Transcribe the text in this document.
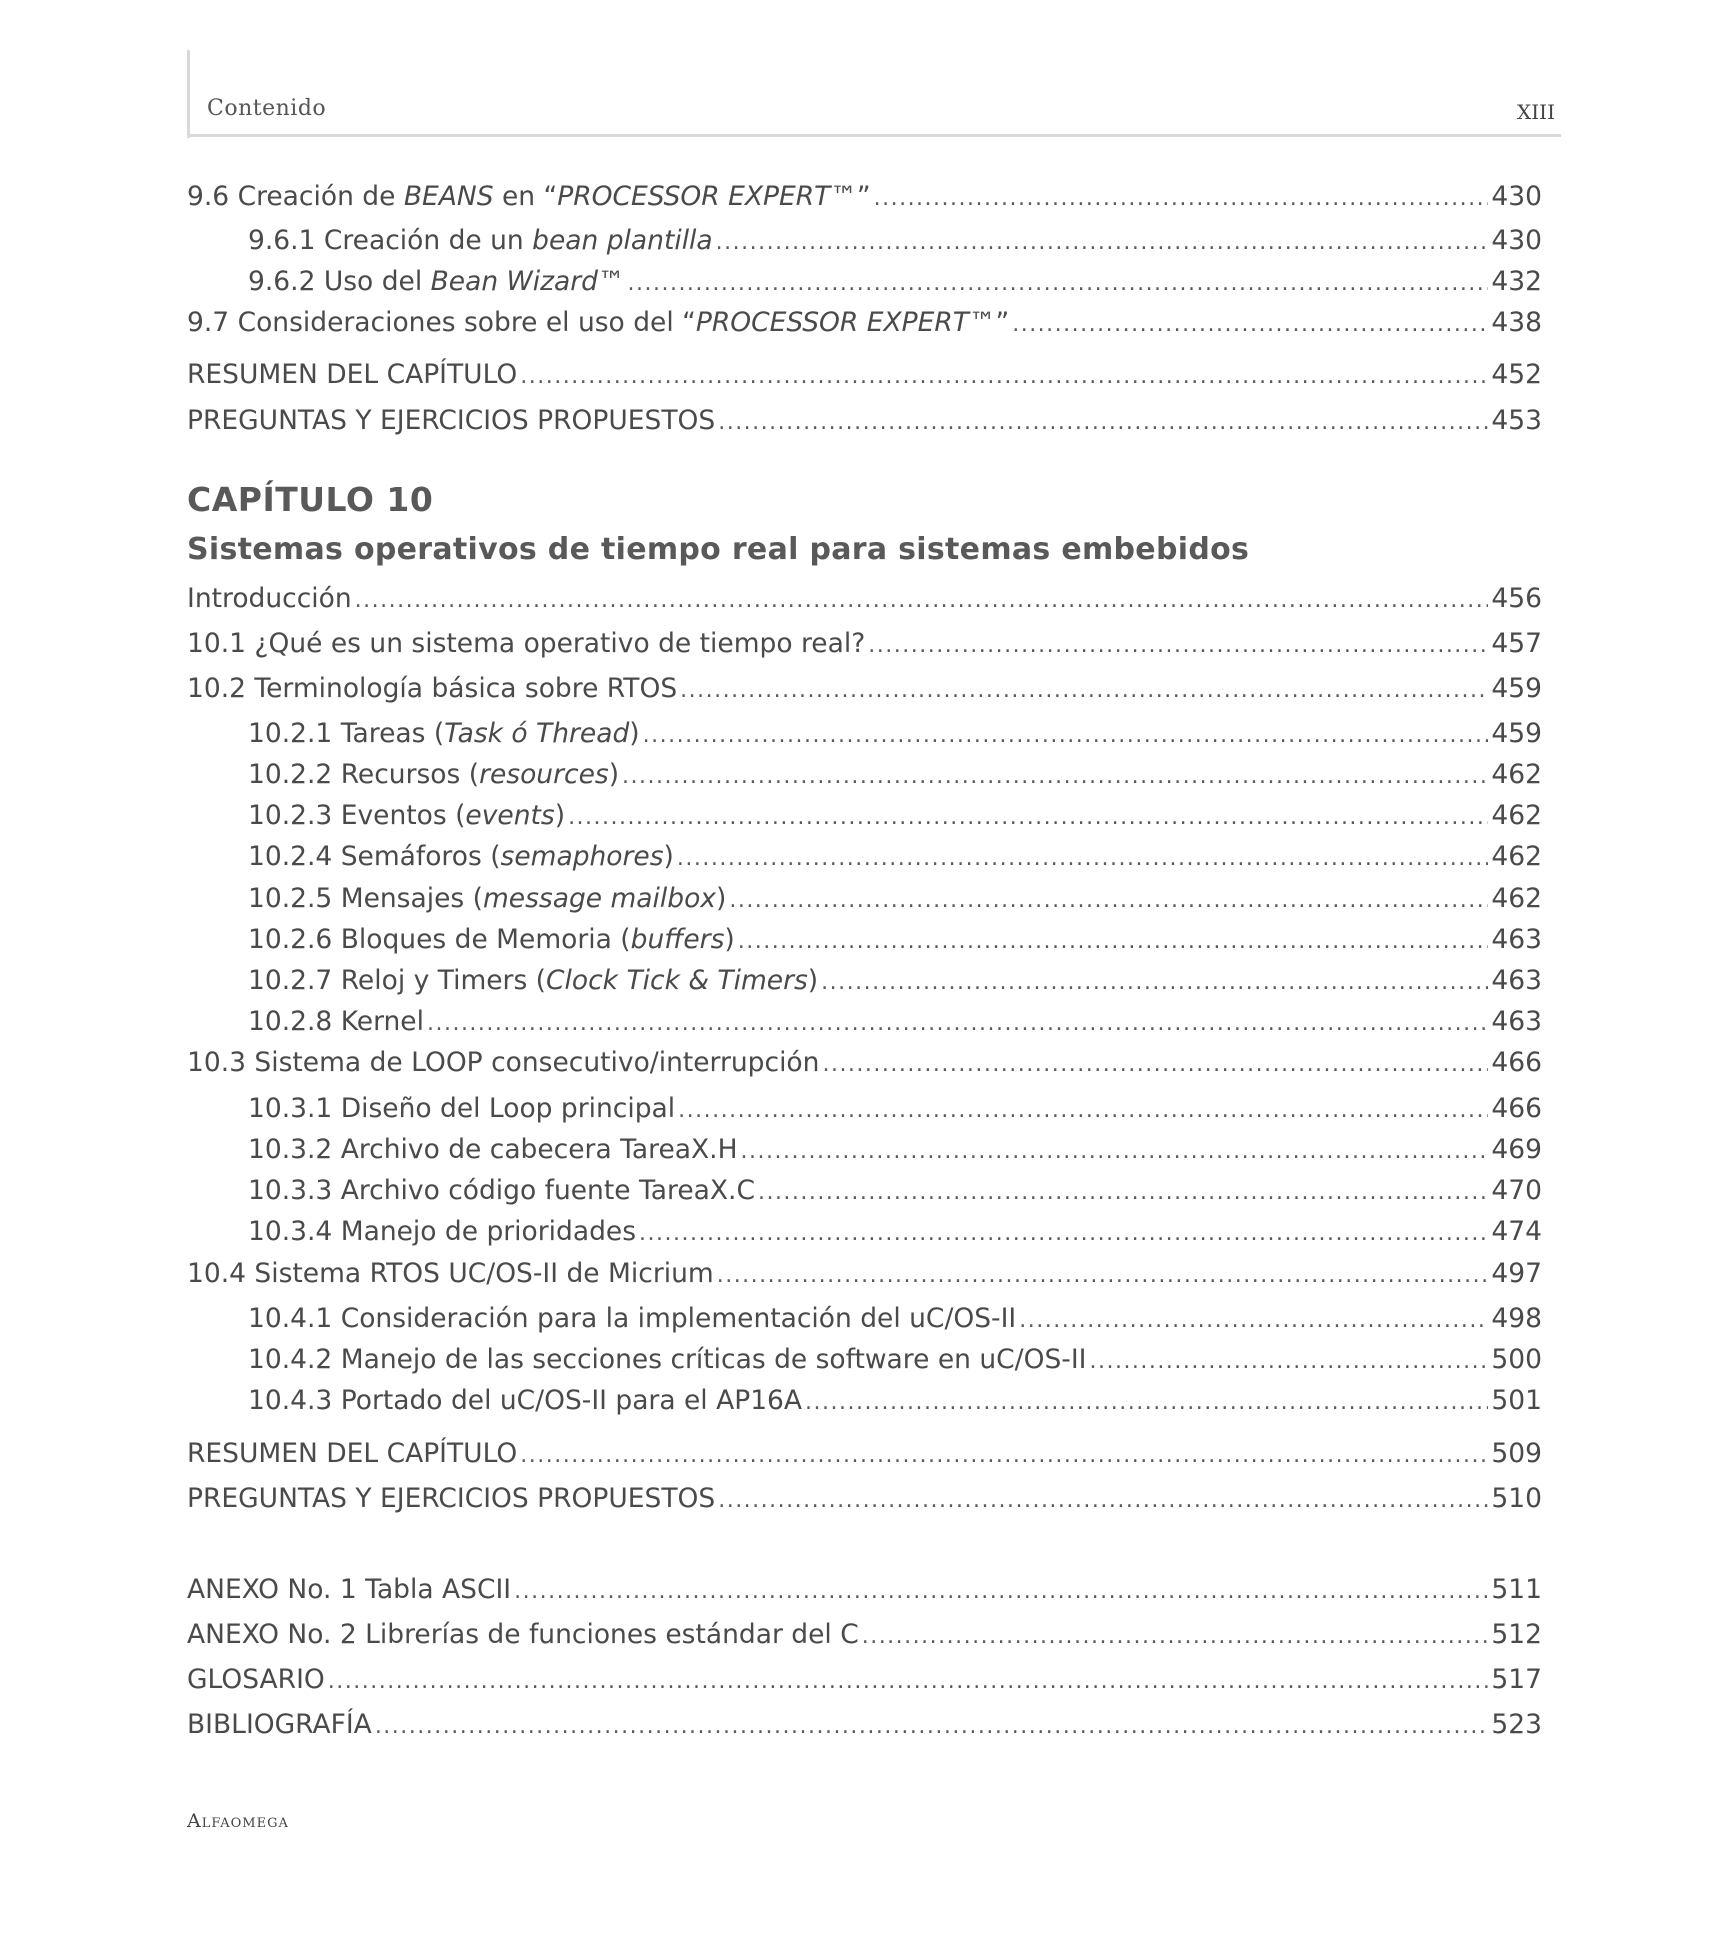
Contenido	XIII
9.6 Creación de BEANS en “PROCESSOR EXPERT™” .....	430
9.6.1 Creación de un bean plantilla .....	430
9.6.2 Uso del Bean Wizard™ .....	432
9.7 Consideraciones sobre el uso del “PROCESSOR EXPERT™” .....	438
RESUMEN DEL CAPÍTULO .....	452
PREGUNTAS Y EJERCICIOS PROPUESTOS .....	453
CAPÍTULO 10
Sistemas operativos de tiempo real para sistemas embebidos
Introducción .....	456
10.1 ¿Qué es un sistema operativo de tiempo real? .....	457
10.2 Terminología básica sobre RTOS .....	459
10.2.1 Tareas (Task ó Thread) .....	459
10.2.2 Recursos (resources) .....	462
10.2.3 Eventos (events) .....	462
10.2.4 Semáforos (semaphores) .....	462
10.2.5 Mensajes (message mailbox) .....	462
10.2.6 Bloques de Memoria (buffers) .....	463
10.2.7 Reloj y Timers (Clock Tick & Timers) .....	463
10.2.8 Kernel .....	463
10.3 Sistema de LOOP consecutivo/interrupción .....	466
10.3.1 Diseño del Loop principal .....	466
10.3.2 Archivo de cabecera TareaX.H .....	469
10.3.3 Archivo código fuente TareaX.C .....	470
10.3.4 Manejo de prioridades .....	474
10.4 Sistema RTOS UC/OS-II de Micrium .....	497
10.4.1 Consideración para la implementación del uC/OS-II .....	498
10.4.2 Manejo de las secciones críticas de software en uC/OS-II .....	500
10.4.3 Portado del uC/OS-II para el AP16A .....	501
RESUMEN DEL CAPÍTULO .....	509
PREGUNTAS Y EJERCICIOS PROPUESTOS .....	510
ANEXO No. 1 Tabla ASCII .....	511
ANEXO No. 2 Librerías de funciones estándar del C .....	512
GLOSARIO .....	517
BIBLIOGRAFÍA .....	523
Alfaomega
